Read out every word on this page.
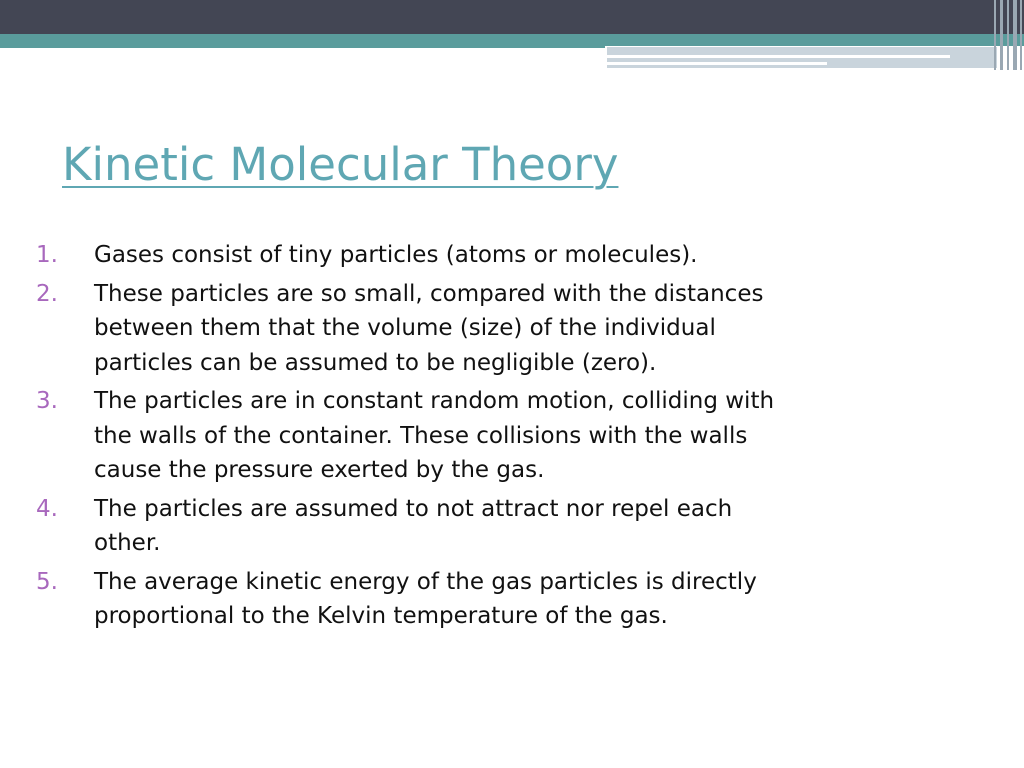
Kinetic Molecular Theory
1.	Gases consist of tiny particles (atoms or molecules).
2.	These particles are so small, compared with the distances
between them that the volume (size) of the individual
particles can be assumed to be negligible (zero).
3.	The particles are in constant random motion, colliding with
the walls of the container. These collisions with the walls
cause the pressure exerted by the gas.
4.	The particles are assumed to not attract nor repel each
other.
5.	The average kinetic energy of the gas particles is directly
proportional to the Kelvin temperature of the gas.
